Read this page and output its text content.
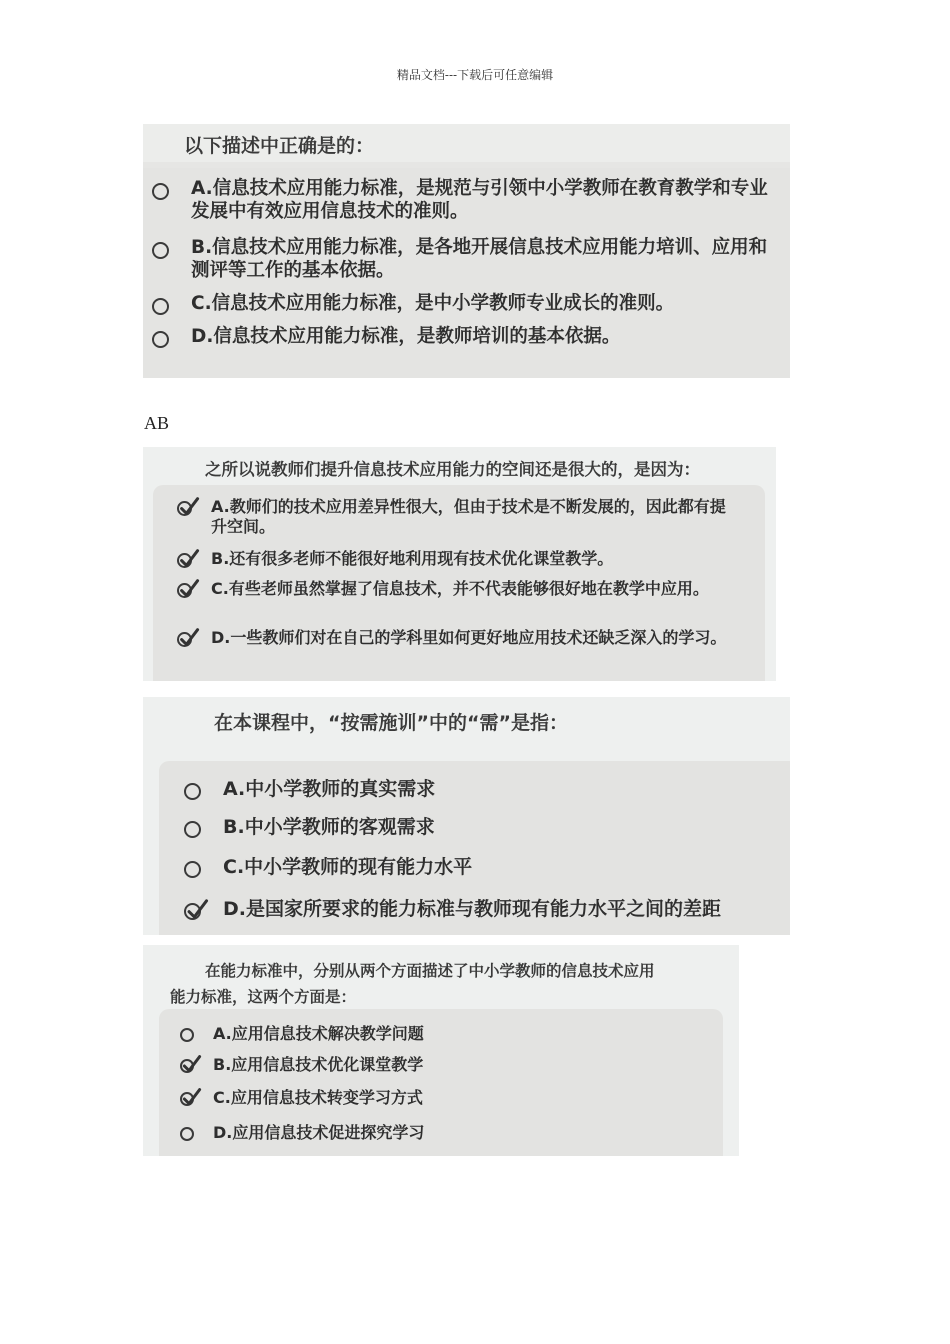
精品文档---下载后可任意编辑
以下描述中正确是的：
A.信息技术应用能力标准，是规范与引领中小学教师在教育教学和专业发展中有效应用信息技术的准则。
B.信息技术应用能力标准，是各地开展信息技术应用能力培训、应用和测评等工作的基本依据。
C.信息技术应用能力标准，是中小学教师专业成长的准则。
D.信息技术应用能力标准，是教师培训的基本依据。
AB
之所以说教师们提升信息技术应用能力的空间还是很大的，是因为：
A.教师们的技术应用差异性很大，但由于技术是不断发展的，因此都有提升空间。
B.还有很多老师不能很好地利用现有技术优化课堂教学。
C.有些老师虽然掌握了信息技术，并不代表能够很好地在教学中应用。
D.一些教师们对在自己的学科里如何更好地应用技术还缺乏深入的学习。
在本课程中，“按需施训”中的“需”是指：
A.中小学教师的真实需求
B.中小学教师的客观需求
C.中小学教师的现有能力水平
D.是国家所要求的能力标准与教师现有能力水平之间的差距
在能力标准中，分别从两个方面描述了中小学教师的信息技术应用
能力标准，这两个方面是：
A.应用信息技术解决教学问题
B.应用信息技术优化课堂教学
C.应用信息技术转变学习方式
D.应用信息技术促进探究学习
